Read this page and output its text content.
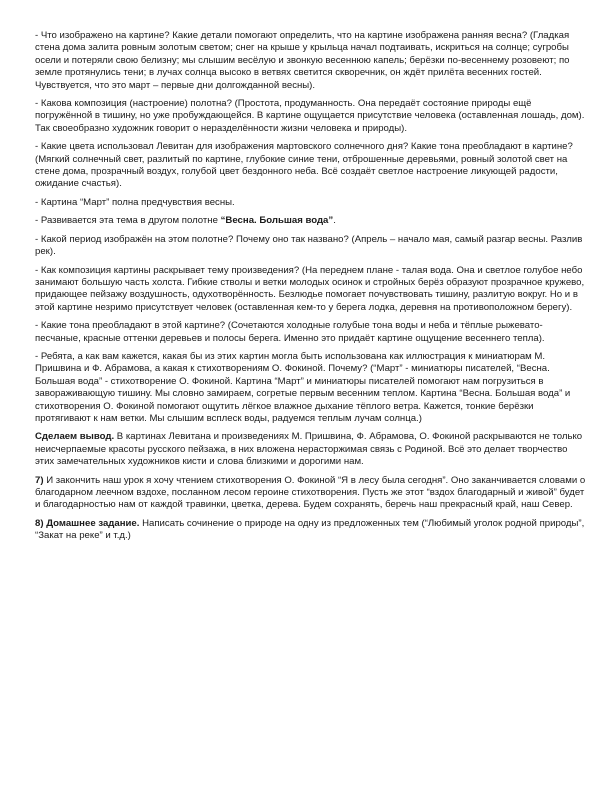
- Что изображено на картине? Какие детали помогают определить, что на картине изображена ранняя весна? (Гладкая стена дома залита ровным золотым светом; снег на крыше у крыльца начал подтаивать, искриться на солнце; сугробы осели и потеряли свою белизну; мы слышим весёлую и звонкую весеннюю капель; берёзки по-весеннему розовеют; по земле протянулись тени; в лучах солнца высоко в ветвях светится скворечник, он ждёт прилёта весенних гостей. Чувствуется, что это март – первые дни долгожданной весны).

- Какова композиция (настроение) полотна? (Простота, продуманность. Она передаёт состояние природы ещё погружённой в тишину, но уже пробуждающейся. В картине ощущается присутствие человека (оставленная лошадь, дом). Так своеобразно художник говорит о неразделённости жизни человека и природы).

- Какие цвета использовал Левитан для изображения мартовского солнечного дня? Какие тона преобладают в картине? (Мягкий солнечный свет, разлитый по картине, глубокие синие тени, отброшенные деревьями, ровный золотой свет на стене дома, прозрачный воздух, голубой цвет бездонного неба. Всё создаёт светлое настроение ликующей радости, ожидание счастья).

- Картина “Март” полна предчувствия весны.

- Развивается эта тема в другом полотне “Весна. Большая вода”.

- Какой период изображён на этом полотне? Почему оно так названо? (Апрель – начало мая, самый разгар весны. Разлив рек).

- Как композиция картины раскрывает тему произведения? (На переднем плане - талая вода. Она и светлое голубое небо занимают большую часть холста. Гибкие стволы и ветки молодых осинок и стройных берёз образуют прозрачное кружево, придающее пейзажу воздушность, одухотворённость. Безлюдье помогает почувствовать тишину, разлитую вокруг. Но и в этой картине незримо присутствует человек (оставленная кем-то у берега лодка, деревня на противоположном берегу).

- Какие тона преобладают в этой картине? (Сочетаются холодные голубые тона воды и неба и тёплые рыжевато-песчаные, красные оттенки деревьев и полосы берега. Именно это придаёт картине ощущение весеннего тепла).

- Ребята, а как вам кажется, какая бы из этих картин могла быть использована как иллюстрация к миниатюрам М. Пришвина и Ф. Абрамова, а какая к стихотворениям О. Фокиной. Почему? (“Март” - миниатюры писателей, “Весна. Большая вода” - стихотворение О. Фокиной. Картина “Март” и миниатюры писателей помогают нам погрузиться в завораживающую тишину. Мы словно замираем, согретые первым весенним теплом. Картина “Весна. Большая вода” и стихотворения О. Фокиной помогают ощутить лёгкое влажное дыхание тёплого ветра. Кажется, тонкие берёзки протягивают к нам ветки. Мы слышим всплеск воды, радуемся теплым лучам солнца.)

Сделаем вывод. В картинах Левитана и произведениях М. Пришвина, Ф. Абрамова, О. Фокиной раскрываются не только неисчерпаемые красоты русского пейзажа, в них вложена нерасторжимая связь с Родиной. Всё это делает творчество этих замечательных художников кисти и слова близкими и дорогими нам.

7) И закончить наш урок я хочу чтением стихотворения О. Фокиной “Я в лесу была сегодня”. Оно заканчивается словами о благодарном леечном вздохе, посланном лесом героине стихотворения. Пусть же этот “вздох благодарный и живой” будет и благодарностью нам от каждой травинки, цветка, дерева. Будем сохранять, беречь наш прекрасный край, наш Север.

8) Домашнее задание. Написать сочинение о природе на одну из предложенных тем (“Любимый уголок родной природы”, “Закат на реке” и т.д.)
